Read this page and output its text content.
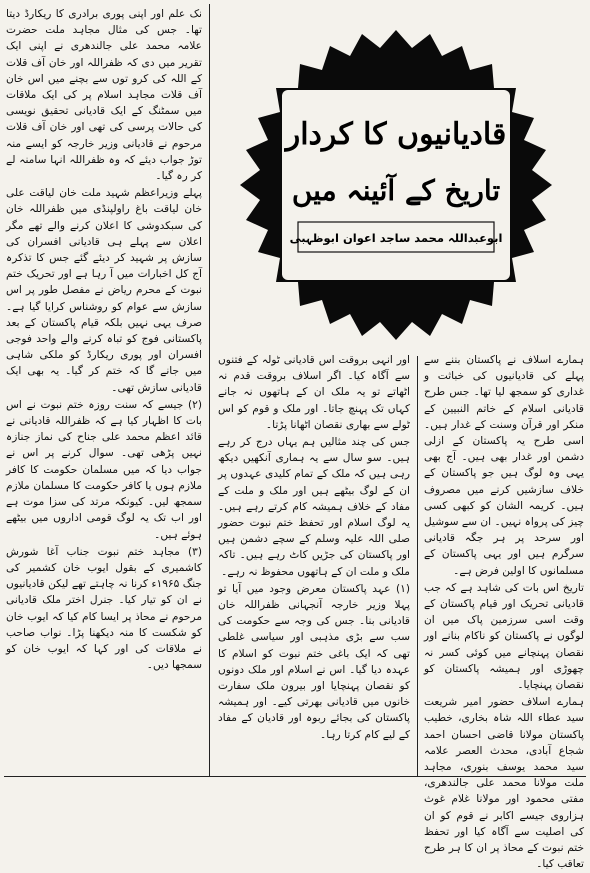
نک علم اور اپنی پوری برادری کا ریکارڈ دیتا تھا۔ جس کی مثال مجاہد ملت حضرت علامہ محمد علی جالندھری نے اپنی ایک تقریر میں دی کہ ظفراللہ اور خان آف قلات کے اللہ کی کرو توں سے بچنے میں اس خان آف قلات مجاہد اسلام پر کی ایک ملاقات میں سمٹنگ کے ایک قادیانی تحقیق نویسی کی حالات پرسی کی تھی اور خان آف قلات مرحوم نے قادیانی وزیر خارجہ کو ایسے منہ توڑ جواب دیئے کہ وہ ظفراللہ انہا سامنہ لے کر رہ گیا۔

پہلے وزیراعظم شہید ملت خان لیاقت علی خان لیاقت باغ راولپنڈی میں ظفراللہ خان کی سبکدوشی کا اعلان کرنے والے تھے مگر اعلان سے پہلے ہی قادیانی افسران کی سازش پر شہید کر دیئے گئے جس کا تذکرہ آج کل اخبارات میں آ رہا ہے اور تحریک ختم نبوت کے محرم ریاض نے مفصل طور پر اس سازش سے عوام کو روشناس کرایا گیا ہے۔ صرف یہی نہیں بلکہ قیام پاکستان کے بعد پاکستانی فوج کو تباہ کرنے والے واحد فوجی افسران اور پوری ریکارڈ کو ملکی شاہی میں جانے گا کہ ختم کر گیا۔ یہ بھی ایک قادیانی سازش تھی۔

(۲) جیسے کہ سنت روزہ ختم نبوت نے اس بات کا اظہار کیا ہے کہ ظفراللہ قادیانی نے قائد اعظم محمد علی جناح کی نماز جنازہ نہیں پڑھی تھی۔ سوال کرنے پر اس نے جواب دیا کہ میں مسلمان حکومت کا کافر ملازم ہوں یا کافر حکومت کا مسلمان ملازم سمجھ لیں۔ کیونکہ مرتد کی سزا موت ہے اور اب تک یہ لوگ قومی اداروں میں بیٹھے ہوئے ہیں۔

(۳) مجاہد ختم نبوت جناب آغا شورش کاشمیری کے بقول ایوب خان کشمیر کی جنگ ۱۹۶۵ء کرنا نہ چاہتے تھے لیکن قادیانیوں نے ان کو تیار کیا۔ جنرل اختر ملک قادیانی مرحوم نے محاذ پر ایسا کام کیا کہ ایوب خان کو شکست کا منہ دیکھنا پڑا۔ نواب صاحب نے ملاقات کی اور کہا کہ ایوب خان کو سمجھا دیں۔

قادیانیوں کا کردار
تاریخ کے آئینہ میں
ابوعبداللہ محمد ساجد اعوان ابوظہبی

ہمارے اسلاف نے پاکستان بننے سے پہلے کی قادیانیوں کی خباثت و غداری کو سمجھ لیا تھا۔ جس طرح قادیانی اسلام کے خاتم النبیین کے منکر اور قرآن وسنت کے غدار ہیں۔ اسی طرح یہ پاکستان کے ازلی دشمن اور غدار بھی ہیں۔ آج بھی یہی وہ لوگ ہیں جو پاکستان کے خلاف سازشیں کرنے میں مصروف ہیں۔ کریمہ الشان کو کبھی کسی چیز کی پرواہ نہیں۔ ان سے سوشیل اور سرحد پر ہر جگہ قادیانی سرگرم ہیں اور یہی پاکستان کے مسلمانوں کا اولین فرض ہے۔

تاریخ اس بات کی شاہد ہے کہ جب قادیانی تحریک اور قیام پاکستان کے وقت اسی سرزمین پاک میں ان لوگوں نے پاکستان کو ناکام بنانے اور نقصان پہنچانے میں کوئی کسر نہ چھوڑی اور ہمیشہ پاکستان کو نقصان پہنچایا۔

ہمارے اسلاف حضور امیر شریعت سید عطاء اللہ شاہ بخاری، خطیب پاکستان مولانا قاضی احسان احمد شجاع آبادی، محدث العصر علامہ سید محمد یوسف بنوری، مجاہد ملت مولانا محمد علی جالندھری، مفتی محمود اور مولانا غلام غوث ہزاروی جیسے اکابر نے قوم کو ان کی اصلیت سے آگاہ کیا اور تحفظ ختم نبوت کے محاذ پر ان کا ہر طرح تعاقب کیا۔

اور انہی بروقت اس قادیانی ٹولہ کے فتنوں سے آگاہ کیا۔ اگر اسلاف بروقت قدم نہ اٹھاتے تو یہ ملک ان کے ہاتھوں نہ جانے کہاں تک پہنچ جاتا۔ اور ملک و قوم کو اس ٹولے سے بھاری نقصان اٹھانا پڑتا۔

جس کی چند مثالیں ہم یہاں درج کر رہے ہیں۔ سو سال سے یہ ہماری آنکھیں دیکھ رہی ہیں کہ ملک کے تمام کلیدی عہدوں پر ان کے لوگ بیٹھے ہیں اور ملک و ملت کے مفاد کے خلاف ہمیشہ کام کرتے رہے ہیں۔ یہ لوگ اسلام اور تحفظ ختم نبوت حضور صلی اللہ علیہ وسلم کے سچے دشمن ہیں اور پاکستان کی جڑیں کاٹ رہے ہیں۔ تاکہ ملک و ملت ان کے ہاتھوں محفوظ نہ رہے۔

(۱) عہد پاکستان معرض وجود میں آیا تو پہلا وزیر خارجہ آنجہانی ظفراللہ خان قادیانی بنا۔ جس کی وجہ سے حکومت کی سب سے بڑی مذہبی اور سیاسی غلطی تھی کہ ایک باغی ختم نبوت کو اسلام کا عہدہ دیا گیا۔ اس نے اسلام اور ملک دونوں کو نقصان پہنچایا اور بیرون ملک سفارت خانوں میں قادیانی بھرتی کیے۔ اور ہمیشہ پاکستان کی بجائے ربوہ اور قادیان کے مفاد کے لیے کام کرتا رہا۔
